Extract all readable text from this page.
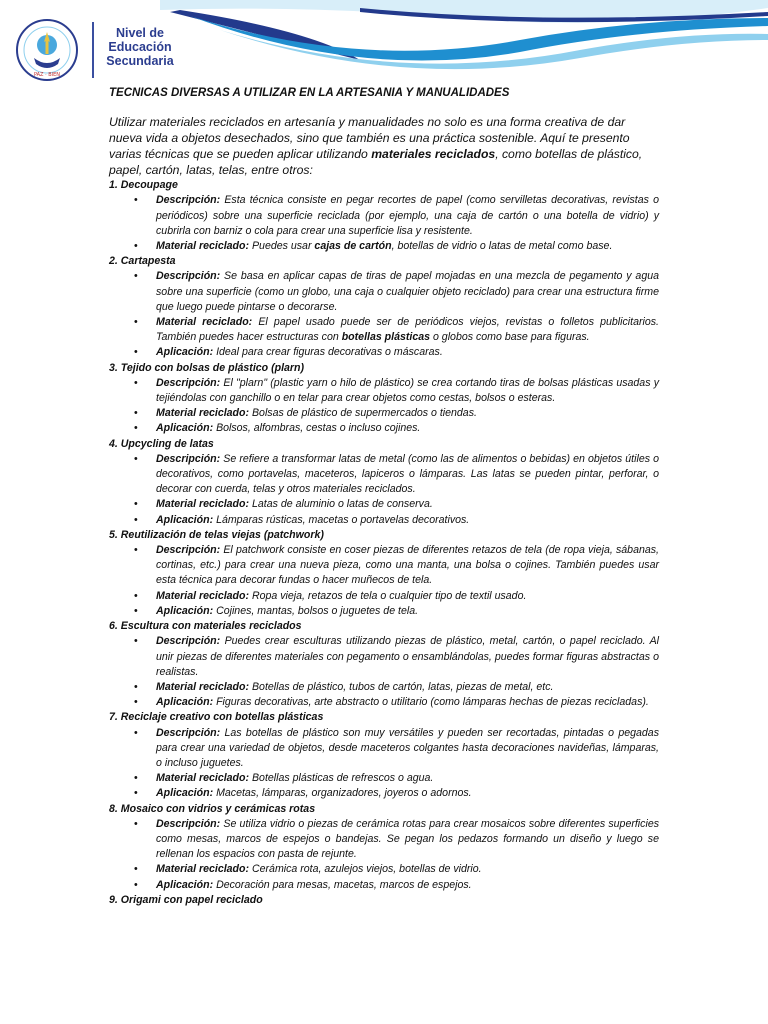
PAZ · BIEN
Nivel de
Educación
Secundaria

TECNICAS DIVERSAS A UTILIZAR EN LA ARTESANIA Y MANUALIDADES

Utilizar materiales reciclados en artesanía y manualidades no solo es una forma creativa de dar nueva vida a objetos desechados, sino que también es una práctica sostenible. Aquí te presento varias técnicas que se pueden aplicar utilizando materiales reciclados, como botellas de plástico, papel, cartón, latas, telas, entre otros:

1. Decoupage

• Descripción: Esta técnica consiste en pegar recortes de papel (como servilletas decorativas, revistas o periódicos) sobre una superficie reciclada (por ejemplo, una caja de cartón o una botella de vidrio) y cubrirla con barniz o cola para crear una superficie lisa y resistente.
• Material reciclado: Puedes usar cajas de cartón, botellas de vidrio o latas de metal como base.

2. Cartapesta

• Descripción: Se basa en aplicar capas de tiras de papel mojadas en una mezcla de pegamento y agua sobre una superficie (como un globo, una caja o cualquier objeto reciclado) para crear una estructura firme que luego puede pintarse o decorarse.
• Material reciclado: El papel usado puede ser de periódicos viejos, revistas o folletos publicitarios. También puedes hacer estructuras con botellas plásticas o globos como base para figuras.
• Aplicación: Ideal para crear figuras decorativas o máscaras.

3. Tejido con bolsas de plástico (plarn)

• Descripción: El "plarn" (plastic yarn o hilo de plástico) se crea cortando tiras de bolsas plásticas usadas y tejiéndolas con ganchillo o en telar para crear objetos como cestas, bolsos o esteras.
• Material reciclado: Bolsas de plástico de supermercados o tiendas.
• Aplicación: Bolsos, alfombras, cestas o incluso cojines.

4. Upcycling de latas

• Descripción: Se refiere a transformar latas de metal (como las de alimentos o bebidas) en objetos útiles o decorativos, como portavelas, maceteros, lapiceros o lámparas. Las latas se pueden pintar, perforar, o decorar con cuerda, telas y otros materiales reciclados.
• Material reciclado: Latas de aluminio o latas de conserva.
• Aplicación: Lámparas rústicas, macetas o portavelas decorativos.

5. Reutilización de telas viejas (patchwork)

• Descripción: El patchwork consiste en coser piezas de diferentes retazos de tela (de ropa vieja, sábanas, cortinas, etc.) para crear una nueva pieza, como una manta, una bolsa o cojines. También puedes usar esta técnica para decorar fundas o hacer muñecos de tela.
• Material reciclado: Ropa vieja, retazos de tela o cualquier tipo de textil usado.
• Aplicación: Cojines, mantas, bolsos o juguetes de tela.

6. Escultura con materiales reciclados

• Descripción: Puedes crear esculturas utilizando piezas de plástico, metal, cartón, o papel reciclado. Al unir piezas de diferentes materiales con pegamento o ensamblándolas, puedes formar figuras abstractas o realistas.
• Material reciclado: Botellas de plástico, tubos de cartón, latas, piezas de metal, etc.
• Aplicación: Figuras decorativas, arte abstracto o utilitario (como lámparas hechas de piezas recicladas).

7. Reciclaje creativo con botellas plásticas

• Descripción: Las botellas de plástico son muy versátiles y pueden ser recortadas, pintadas o pegadas para crear una variedad de objetos, desde maceteros colgantes hasta decoraciones navideñas, lámparas, o incluso juguetes.
• Material reciclado: Botellas plásticas de refrescos o agua.
• Aplicación: Macetas, lámparas, organizadores, joyeros o adornos.

8. Mosaico con vidrios y cerámicas rotas

• Descripción: Se utiliza vidrio o piezas de cerámica rotas para crear mosaicos sobre diferentes superficies como mesas, marcos de espejos o bandejas. Se pegan los pedazos formando un diseño y luego se rellenan los espacios con pasta de rejunte.
• Material reciclado: Cerámica rota, azulejos viejos, botellas de vidrio.
• Aplicación: Decoración para mesas, macetas, marcos de espejos.

9. Origami con papel reciclado
